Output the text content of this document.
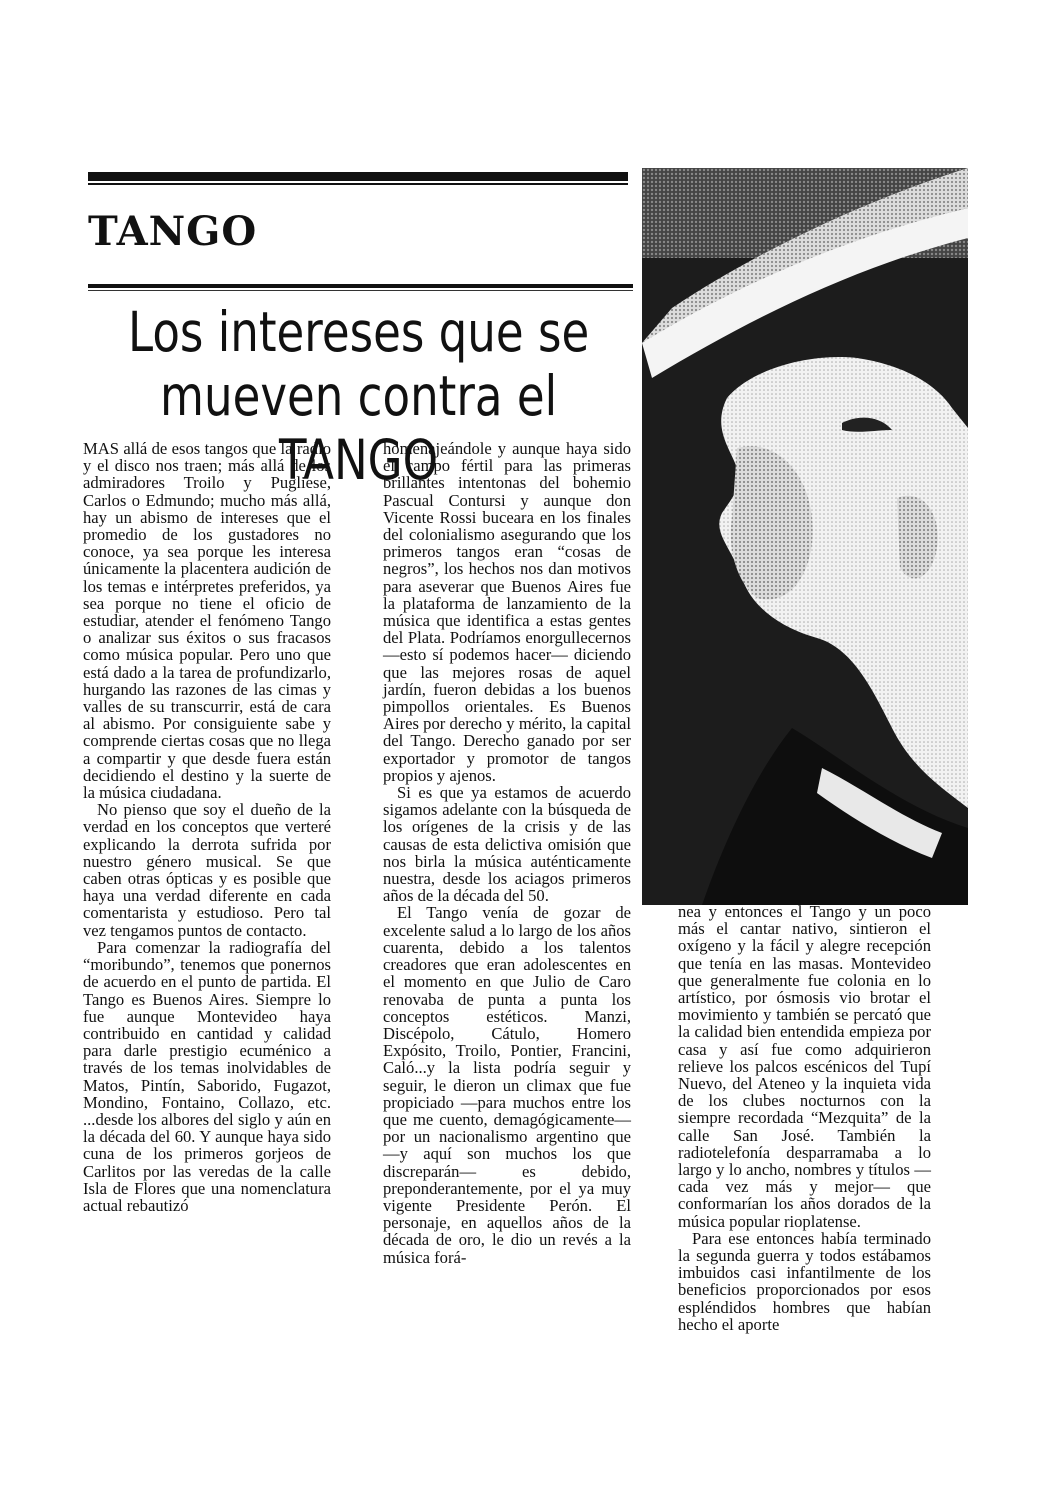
TANGO
Los intereses que se
mueven contra el TANGO

MAS allá de esos tangos que la radio y el disco nos traen; más allá de los admiradores Troilo y Pugliese, Carlos o Edmundo; mucho más allá, hay un abismo de intereses que el promedio de los gustadores no conoce, ya sea porque les interesa únicamente la placentera audición de los temas e intérpretes preferidos, ya sea porque no tiene el oficio de estudiar, atender el fenómeno Tango o analizar sus éxitos o sus fracasos como música popular. Pero uno que está dado a la tarea de profundizarlo, hurgando las razones de las cimas y valles de su transcurrir, está de cara al abismo. Por consiguiente sabe y comprende ciertas cosas que no llega a compartir y que desde fuera están decidiendo el destino y la suerte de la música ciudadana.

No pienso que soy el dueño de la verdad en los conceptos que verteré explicando la derrota sufrida por nuestro género musical. Se que caben otras ópticas y es posible que haya una verdad diferente en cada comentarista y estudioso. Pero tal vez tengamos puntos de contacto.

Para comenzar la radiografía del “moribundo”, tenemos que ponernos de acuerdo en el punto de partida. El Tango es Buenos Aires. Siempre lo fue aunque Montevideo haya contribuido en cantidad y calidad para darle prestigio ecuménico a través de los temas inolvidables de Matos, Pintín, Saborido, Fugazot, Mondino, Fontaino, Collazo, etc. ...desde los albores del siglo y aún en la década del 60. Y aunque haya sido cuna de los primeros gorjeos de Carlitos por las veredas de la calle Isla de Flores que una nomenclatura actual rebautizó

homenajeándole y aunque haya sido el campo fértil para las primeras brillantes intentonas del bohemio Pascual Contursi y aunque don Vicente Rossi buceara en los finales del colonialismo asegurando que los primeros tangos eran “cosas de negros”, los hechos nos dan motivos para aseverar que Buenos Aires fue la plataforma de lanzamiento de la música que identifica a estas gentes del Plata. Podríamos enorgullecernos —esto sí podemos hacer— diciendo que las mejores rosas de aquel jardín, fueron debidas a los buenos pimpollos orientales. Es Buenos Aires por derecho y mérito, la capital del Tango. Derecho ganado por ser exportador y promotor de tangos propios y ajenos.

Si es que ya estamos de acuerdo sigamos adelante con la búsqueda de los orígenes de la crisis y de las causas de esta delictiva omisión que nos birla la música auténticamente nuestra, desde los aciagos primeros años de la década del 50.

El Tango venía de gozar de excelente salud a lo largo de los años cuarenta, debido a los talentos creadores que eran adolescentes en el momento en que Julio de Caro renovaba de punta a punta los conceptos estéticos. Manzi, Discépolo, Cátulo, Homero Expósito, Troilo, Pontier, Francini, Caló...y la lista podría seguir y seguir, le dieron un climax que fue propiciado —para muchos entre los que me cuento, demagógicamente— por un nacionalismo argentino que —y aquí son muchos los que discreparán— es debido, preponderantemente, por el ya muy vigente Presidente Perón. El personaje, en aquellos años de la década de oro, le dio un revés a la música forá-

nea y entonces el Tango y un poco más el cantar nativo, sintieron el oxígeno y la fácil y alegre recepción que tenía en las masas. Montevideo que generalmente fue colonia en lo artístico, por ósmosis vio brotar el movimiento y también se percató que la calidad bien entendida empieza por casa y así fue como adquirieron relieve los palcos escénicos del Tupí Nuevo, del Ateneo y la inquieta vida de los clubes nocturnos con la siempre recordada “Mezquita” de la calle San José. También la radiotelefonía desparramaba a lo largo y lo ancho, nombres y títulos —cada vez más y mejor— que conformarían los años dorados de la música popular rioplatense.

Para ese entonces había terminado la segunda guerra y todos estábamos imbuidos casi infantilmente de los beneficios proporcionados por esos espléndidos hombres que habían hecho el aporte
